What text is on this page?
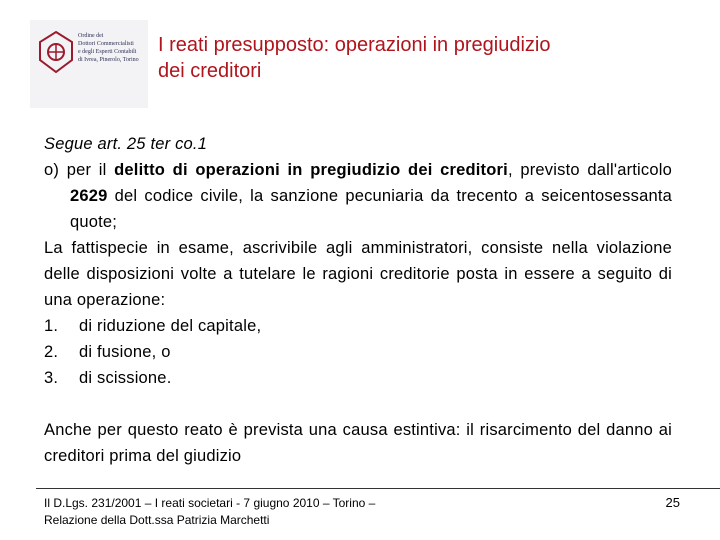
Ordine dei
Dottori Commercialisti
e degli Esperti Contabili
di Ivrea, Pinerolo, Torino
I reati presupposto: operazioni in pregiudizio
dei creditori

Segue art. 25 ter co.1

o) per il delitto di operazioni in pregiudizio dei creditori, previsto dall'articolo 2629 del codice civile, la sanzione pecuniaria da trecento a seicentosessanta quote;

La fattispecie in esame, ascrivibile agli amministratori, consiste nella violazione delle disposizioni volte a tutelare le ragioni creditorie posta in essere a seguito di una operazione:

1.	di riduzione del capitale,
2.	di fusione, o
3.	di scissione.

Anche per questo reato è prevista una causa estintiva: il risarcimento del danno ai creditori prima del giudizio

Il D.Lgs. 231/2001 – I reati societari - 7 giugno 2010 – Torino –
Relazione della Dott.ssa Patrizia Marchetti
25
